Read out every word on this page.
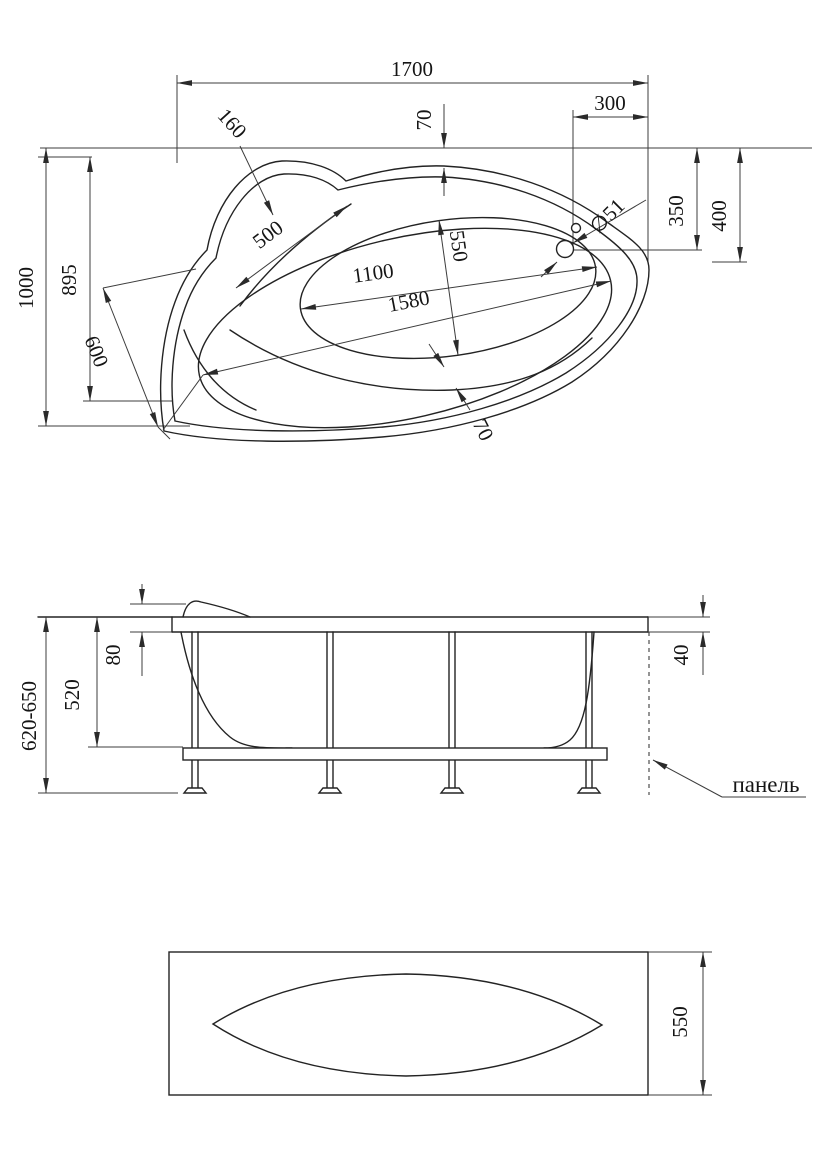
1700
300
70
160
1000 895
600
500	550
1100
1580
70
∅51 350 400
620-650 520
80	40
панель
550
